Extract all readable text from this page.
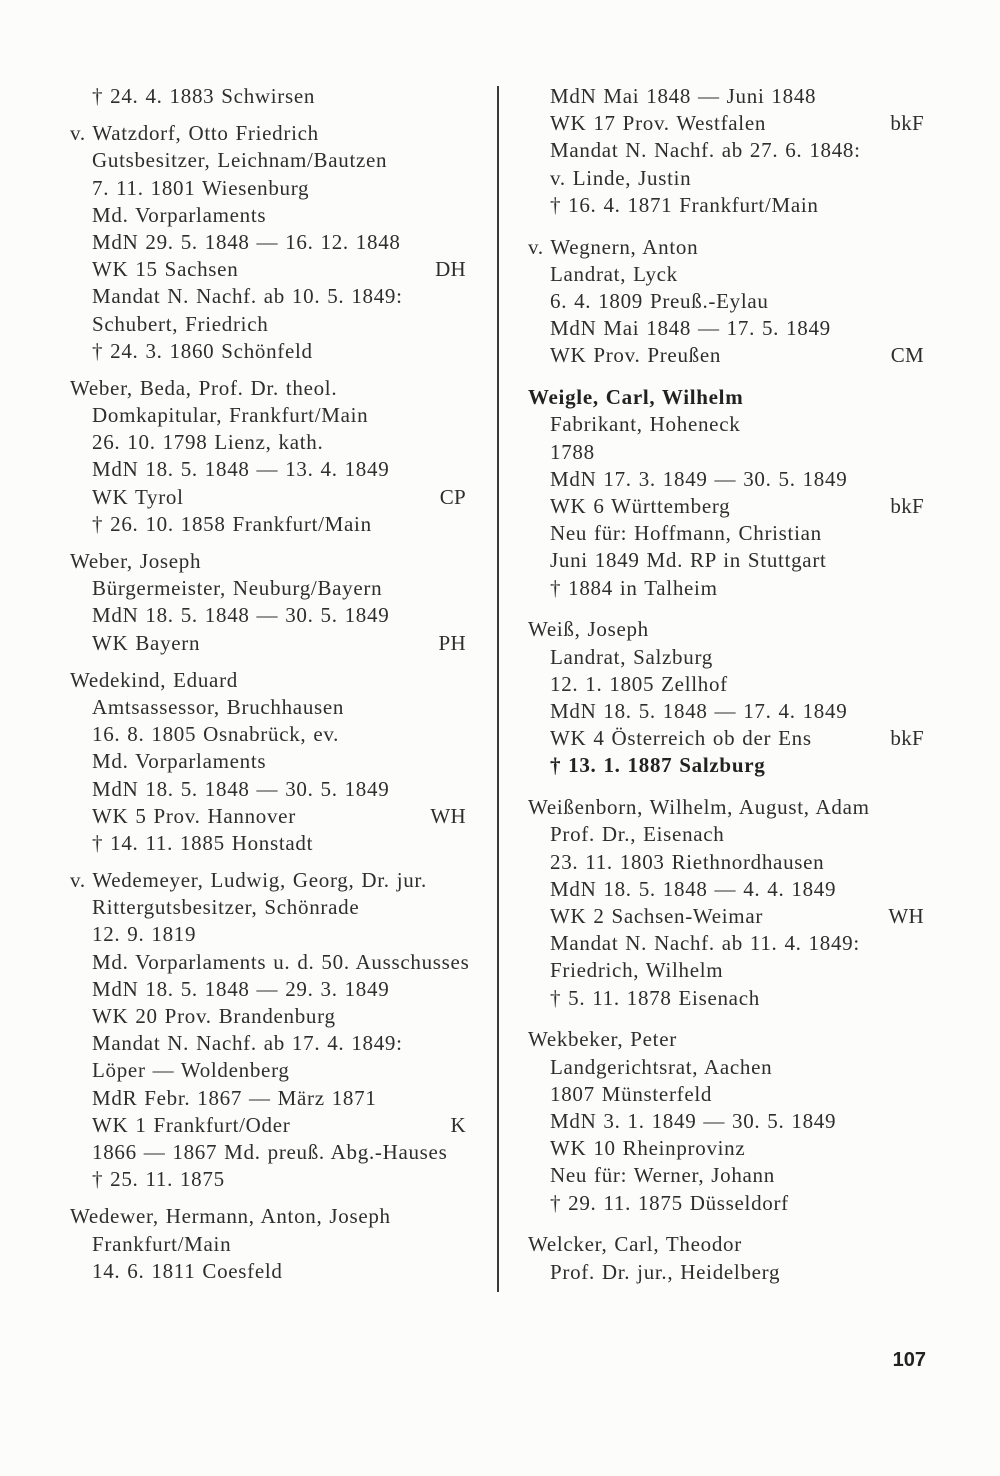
† 24. 4. 1883 Schwirsen
v. Watzdorf, Otto Friedrich
Gutsbesitzer, Leichnam/Bautzen
7. 11. 1801 Wiesenburg
Md. Vorparlaments
MdN 29. 5. 1848 — 16. 12. 1848
WK 15 Sachsen	DH
Mandat N. Nachf. ab 10. 5. 1849:
Schubert, Friedrich
† 24. 3. 1860 Schönfeld
Weber, Beda, Prof. Dr. theol.
Domkapitular, Frankfurt/Main
26. 10. 1798 Lienz, kath.
MdN 18. 5. 1848 — 13. 4. 1849
WK Tyrol	CP
† 26. 10. 1858 Frankfurt/Main
Weber, Joseph
Bürgermeister, Neuburg/Bayern
MdN 18. 5. 1848 — 30. 5. 1849
WK Bayern	PH
Wedekind, Eduard
Amtsassessor, Bruchhausen
16. 8. 1805 Osnabrück, ev.
Md. Vorparlaments
MdN 18. 5. 1848 — 30. 5. 1849
WK 5 Prov. Hannover	WH
† 14. 11. 1885 Honstadt
v. Wedemeyer, Ludwig, Georg, Dr. jur.
Rittergutsbesitzer, Schönrade
12. 9. 1819
Md. Vorparlaments u. d. 50. Ausschusses
MdN 18. 5. 1848 — 29. 3. 1849
WK 20 Prov. Brandenburg
Mandat N. Nachf. ab 17. 4. 1849:
Löper — Woldenberg
MdR Febr. 1867 — März 1871
WK 1 Frankfurt/Oder	K
1866 — 1867 Md. preuß. Abg.-Hauses
† 25. 11. 1875
Wedewer, Hermann, Anton, Joseph
Frankfurt/Main
14. 6. 1811 Coesfeld
MdN Mai 1848 — Juni 1848
WK 17 Prov. Westfalen	bkF
Mandat N. Nachf. ab 27. 6. 1848:
v. Linde, Justin
† 16. 4. 1871 Frankfurt/Main
v. Wegnern, Anton
Landrat, Lyck
6. 4. 1809 Preuß.-Eylau
MdN Mai 1848 — 17. 5. 1849
WK Prov. Preußen	CM
Weigle, Carl, Wilhelm
Fabrikant, Hoheneck
1788
MdN 17. 3. 1849 — 30. 5. 1849
WK 6 Württemberg	bkF
Neu für: Hoffmann, Christian
Juni 1849 Md. RP in Stuttgart
† 1884 in Talheim
Weiß, Joseph
Landrat, Salzburg
12. 1. 1805 Zellhof
MdN 18. 5. 1848 — 17. 4. 1849
WK 4 Österreich ob der Ens	bkF
† 13. 1. 1887 Salzburg
Weißenborn, Wilhelm, August, Adam
Prof. Dr., Eisenach
23. 11. 1803 Riethnordhausen
MdN 18. 5. 1848 — 4. 4. 1849
WK 2 Sachsen-Weimar	WH
Mandat N. Nachf. ab 11. 4. 1849:
Friedrich, Wilhelm
† 5. 11. 1878 Eisenach
Wekbeker, Peter
Landgerichtsrat, Aachen
1807 Münsterfeld
MdN 3. 1. 1849 — 30. 5. 1849
WK 10 Rheinprovinz
Neu für: Werner, Johann
† 29. 11. 1875 Düsseldorf
Welcker, Carl, Theodor
Prof. Dr. jur., Heidelberg
107
